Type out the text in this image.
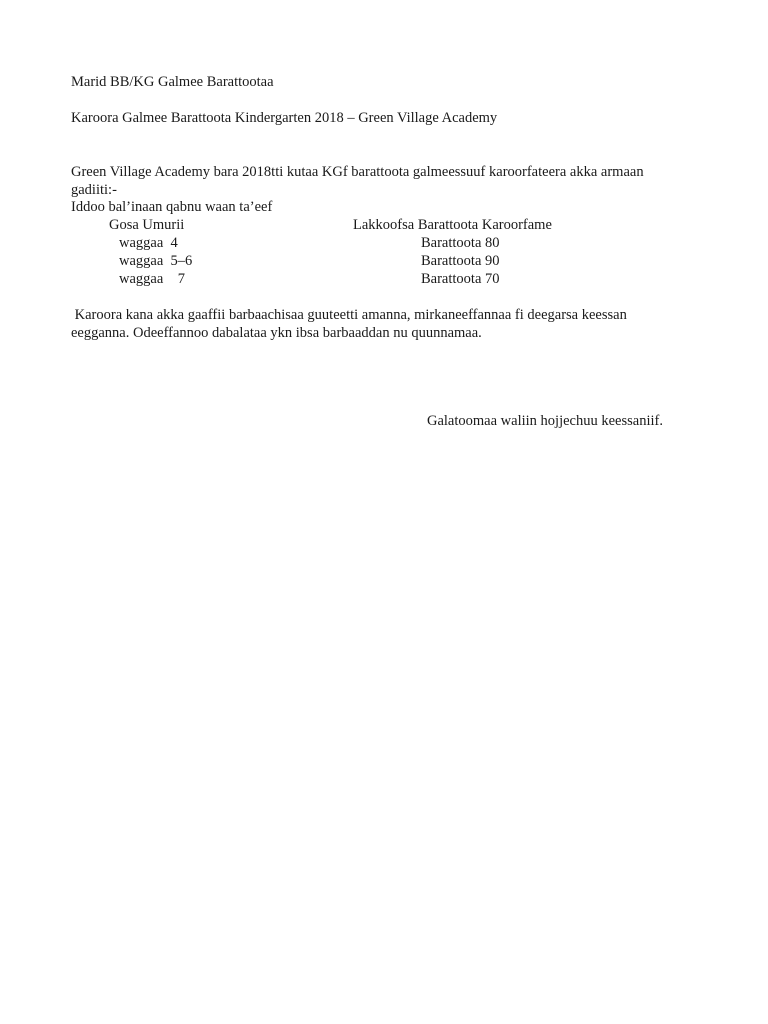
Marid BB/KG Galmee Barattootaa
Karoora Galmee Barattoota Kindergarten 2018 – Green Village Academy
Green Village Academy bara 2018tti kutaa KGf barattoota galmeessuuf karoorfateera akka armaan gadiiti:-
Iddoo bal’inaan qabnu waan ta’eef
Gosa Umurii	Lakkoofsa Barattoota Karoorfame
waggaa  4	Barattoota 80
waggaa  5–6	Barattoota 90
waggaa    7	Barattoota 70
Karoora kana akka gaaffii barbaachisaa guuteetti amanna, mirkaneeffannaa fi deegarsa keessan eegganna. Odeeffannoo dabalataa ykn ibsa barbaaddan nu quunnamaa.
Galatoomaa waliin hojjechuu keessaniif.
